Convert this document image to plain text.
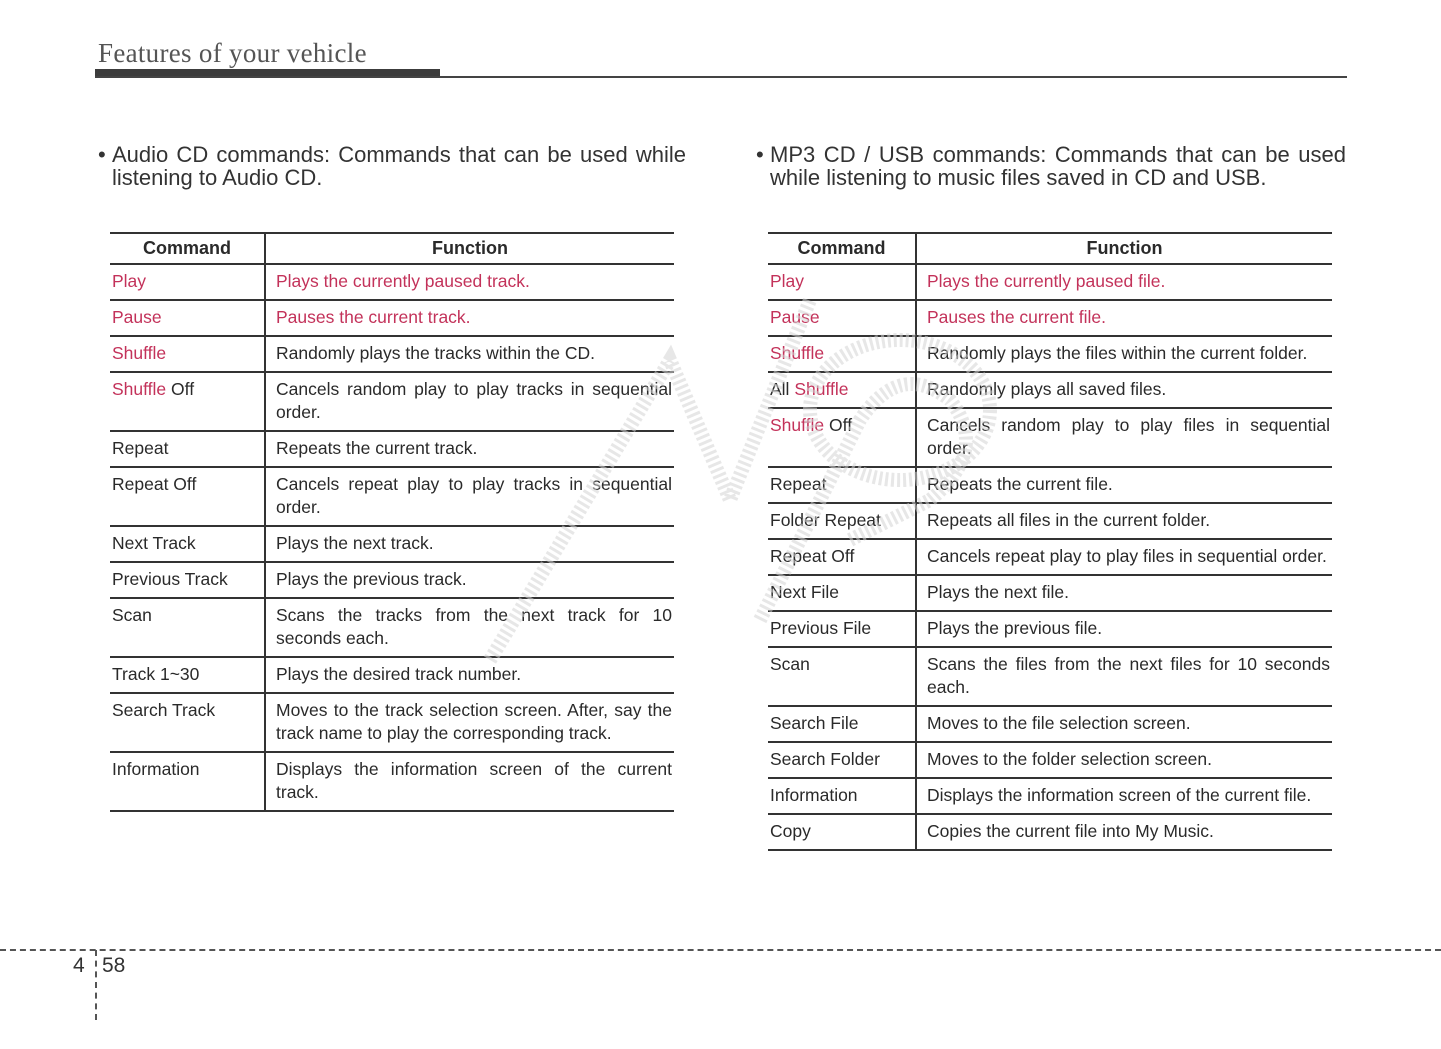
Features of your vehicle
• Audio CD commands: Commands that can be used while listening to Audio CD.
• MP3 CD / USB commands: Commands that can be used while listening to music files saved in CD and USB.
Command	Function
Play	Plays the currently paused track.
Pause	Pauses the current track.
Shuffle	Randomly plays the tracks within the CD.
Shuffle Off	Cancels random play to play tracks in sequential order.
Repeat	Repeats the current track.
Repeat Off	Cancels repeat play to play tracks in sequential order.
Next Track	Plays the next track.
Previous Track	Plays the previous track.
Scan	Scans the tracks from the next track for 10 seconds each.
Track 1~30	Plays the desired track number.
Search Track	Moves to the track selection screen. After, say the track name to play the corresponding track.
Information	Displays the information screen of the current track.
Command	Function
Play	Plays the currently paused file.
Pause	Pauses the current file.
Shuffle	Randomly plays the files within the current folder.
All Shuffle	Randomly plays all saved files.
Shuffle Off	Cancels random play to play files in sequential order.
Repeat	Repeats the current file.
Folder Repeat	Repeats all files in the current folder.
Repeat Off	Cancels repeat play to play files in sequential order.
Next File	Plays the next file.
Previous File	Plays the previous file.
Scan	Scans the files from the next files for 10 seconds each.
Search File	Moves to the file selection screen.
Search Folder	Moves to the folder selection screen.
Information	Displays the information screen of the current file.
Copy	Copies the current file into My Music.
4 58
